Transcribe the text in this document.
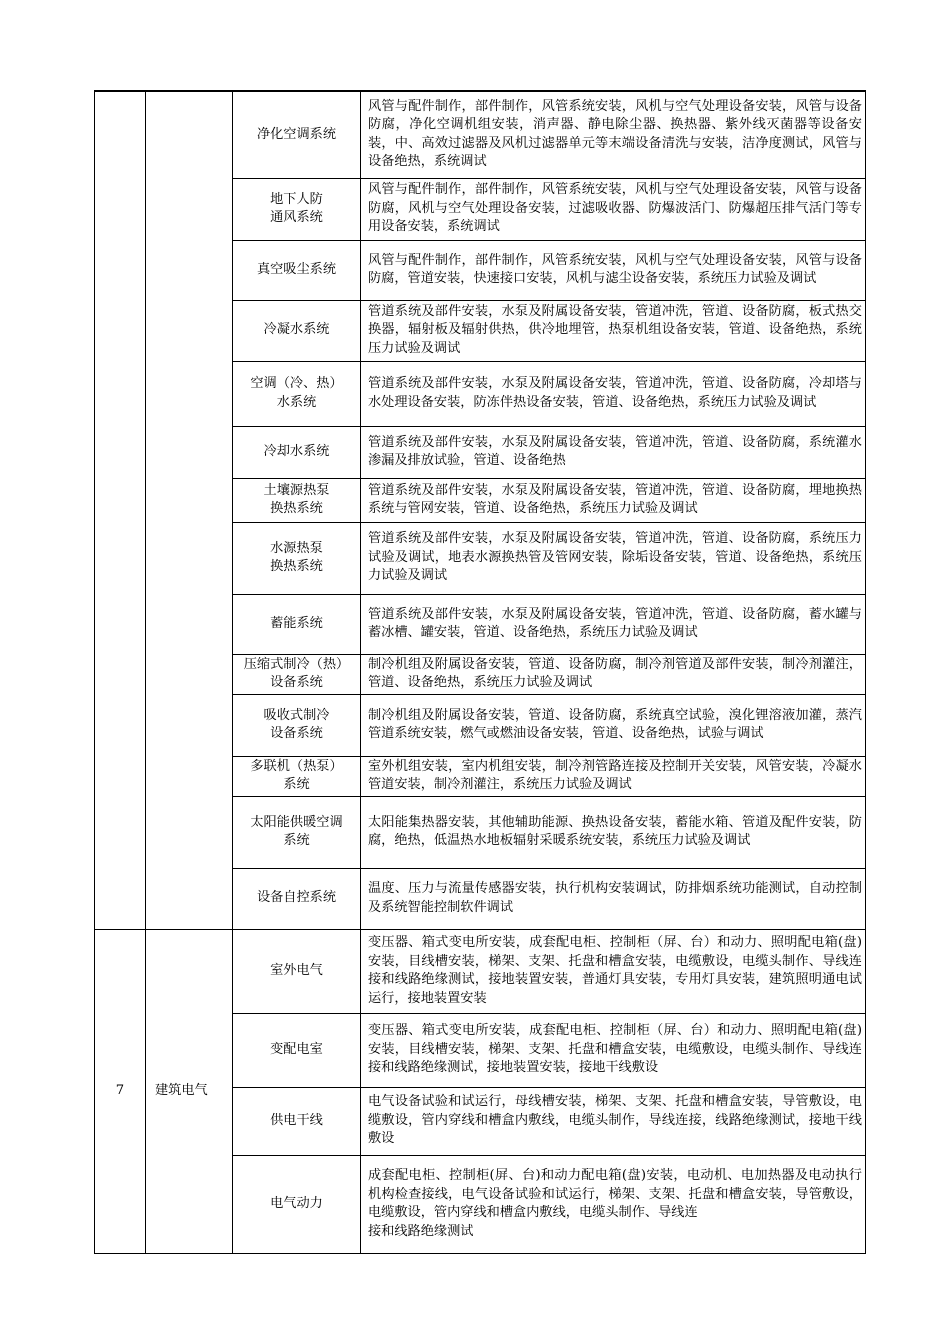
		净化空调系统	风管与配件制作，部件制作，风管系统安装，风机与空气处理设备安装，风管与设备防腐，净化空调机组安装，消声器、静电除尘器、换热器、紫外线灭菌器等设备安装，中、高效过滤器及风机过滤器单元等末端设备清洗与安装，洁净度测试，风管与设备绝热，系统调试

		地下人防
通风系统	风管与配件制作，部件制作，风管系统安装，风机与空气处理设备安装，风管与设备防腐，风机与空气处理设备安装，过滤吸收器、防爆波活门、防爆超压排气活门等专用设备安装，系统调试

		真空吸尘系统	风管与配件制作，部件制作，风管系统安装，风机与空气处理设备安装，风管与设备防腐，管道安装，快速接口安装，风机与滤尘设备安装，系统压力试验及调试

		冷凝水系统	管道系统及部件安装，水泵及附属设备安装，管道冲洗，管道、设备防腐，板式热交换器，辐射板及辐射供热，供冷地埋管，热泵机组设备安装，管道、设备绝热，系统压力试验及调试

		空调（冷、热）
水系统	管道系统及部件安装，水泵及附属设备安装，管道冲洗，管道、设备防腐，冷却塔与水处理设备安装，防冻伴热设备安装，管道、设备绝热，系统压力试验及调试

		冷却水系统	管道系统及部件安装，水泵及附属设备安装，管道冲洗，管道、设备防腐，系统灌水渗漏及排放试验，管道、设备绝热

		土壤源热泵
换热系统	管道系统及部件安装，水泵及附属设备安装，管道冲洗，管道、设备防腐，埋地换热系统与管网安装，管道、设备绝热，系统压力试验及调试

		水源热泵
换热系统	管道系统及部件安装，水泵及附属设备安装，管道冲洗，管道、设备防腐，系统压力试验及调试，地表水源换热管及管网安装，除垢设备安装，管道、设备绝热，系统压力试验及调试

		蓄能系统	管道系统及部件安装，水泵及附属设备安装，管道冲洗，管道、设备防腐，蓄水罐与蓄冰槽、罐安装，管道、设备绝热，系统压力试验及调试

		压缩式制冷（热）
设备系统	制冷机组及附属设备安装，管道、设备防腐，制冷剂管道及部件安装，制冷剂灌注，管道、设备绝热，系统压力试验及调试

		吸收式制冷
设备系统	制冷机组及附属设备安装，管道、设备防腐，系统真空试验，溴化锂溶液加灌，蒸汽管道系统安装，燃气或燃油设备安装，管道、设备绝热，试验与调试

		多联机（热泵）
系统	室外机组安装，室内机组安装，制冷剂管路连接及控制开关安装，风管安装，冷凝水管道安装，制冷剂灌注，系统压力试验及调试

		太阳能供暖空调
系统	太阳能集热器安装，其他辅助能源、换热设备安装，蓄能水箱、管道及配件安装，防腐，绝热，低温热水地板辐射采暖系统安装，系统压力试验及调试

		设备自控系统	温度、压力与流量传感器安装，执行机构安装调试，防排烟系统功能测试，自动控制及系统智能控制软件调试

7	建筑电气	室外电气	变压器、箱式变电所安装，成套配电柜、控制柜（屏、台）和动力、照明配电箱(盘)安装，目线槽安装，梯架、支架、托盘和槽盒安装，电缆敷设，电缆头制作、导线连接和线路绝缘测试，接地装置安装，普通灯具安装，专用灯具安装，建筑照明通电试运行，接地装置安装

		变配电室	变压器、箱式变电所安装，成套配电柜、控制柜（屏、台）和动力、照明配电箱(盘)安装，目线槽安装，梯架、支架、托盘和槽盒安装，电缆敷设，电缆头制作、导线连接和线路绝缘测试，接地装置安装，接地干线敷设

		供电干线	电气设备试验和试运行，母线槽安装，梯架、支架、托盘和槽盒安装，导管敷设，电缆敷设，管内穿线和槽盒内敷线，电缆头制作，导线连接，线路绝缘测试，接地干线敷设

		电气动力	成套配电柜、控制柜(屏、台)和动力配电箱(盘)安装，电动机、电加热器及电动执行机构检查接线，电气设备试验和试运行，梯架、支架、托盘和槽盒安装，导管敷设，电缆敷设，管内穿线和槽盒内敷线，电缆头制作、导线连
接和线路绝缘测试
